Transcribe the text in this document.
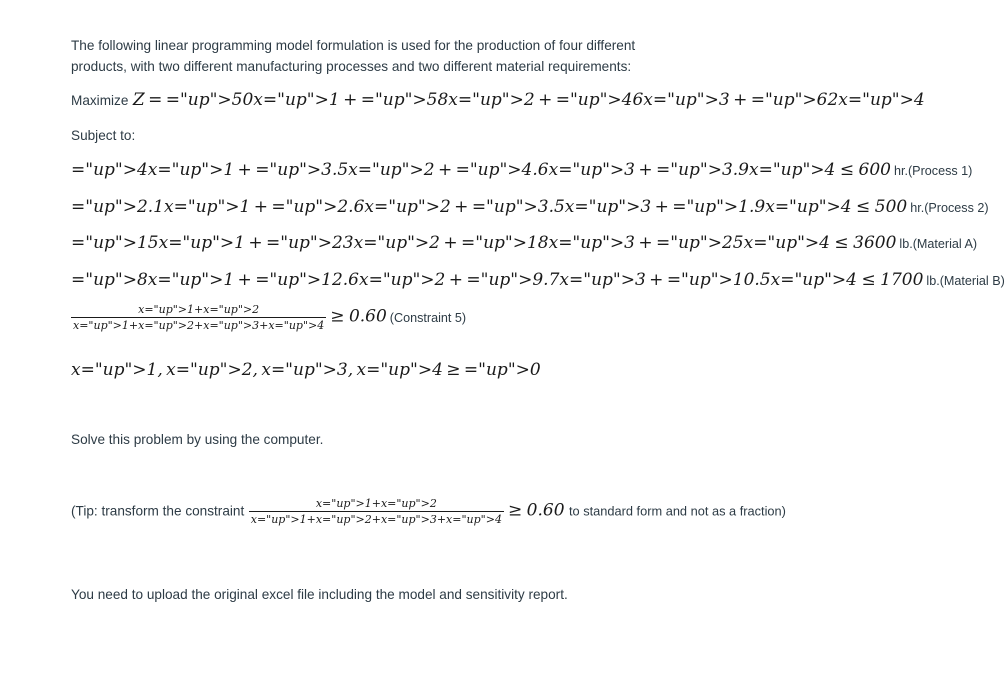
The following linear programming model formulation is used for the production of four different products, with two different manufacturing processes and two different material requirements:
Maximize Z = ="up">50x="up">1 + ="up">58x="up">2 + ="up">46x="up">3 + ="up">62x="up">4
Subject to:
="up">4x="up">1 + ="up">3.5x="up">2 + ="up">4.6x="up">3 + ="up">3.9x="up">4 ≤ 600 hr.(Process 1)
="up">2.1x="up">1 + ="up">2.6x="up">2 + ="up">3.5x="up">3 + ="up">1.9x="up">4 ≤ 500 hr.(Process 2)
="up">15x="up">1 + ="up">23x="up">2 + ="up">18x="up">3 + ="up">25x="up">4 ≤ 3600 lb.(Material A)
="up">8x="up">1 + ="up">12.6x="up">2 + ="up">9.7x="up">3 + ="up">10.5x="up">4 ≤ 1700 lb.(Material B)
$\frac{x="up">1+x="up">2}{x="up">1+x="up">2+x="up">3+x="up">4} \ge 0.60$ (Constraint 5)
x="up">1, x="up">2, x="up">3, x="up">4 ≥ ="up">0
Solve this problem by using the computer.
(Tip: transform the constraint $\frac{x="up">1+x="up">2}{x="up">1+x="up">2+x="up">3+x="up">4} \ge 0.60$ to standard form and not as a fraction)
You need to upload the original excel file including the model and sensitivity report.
